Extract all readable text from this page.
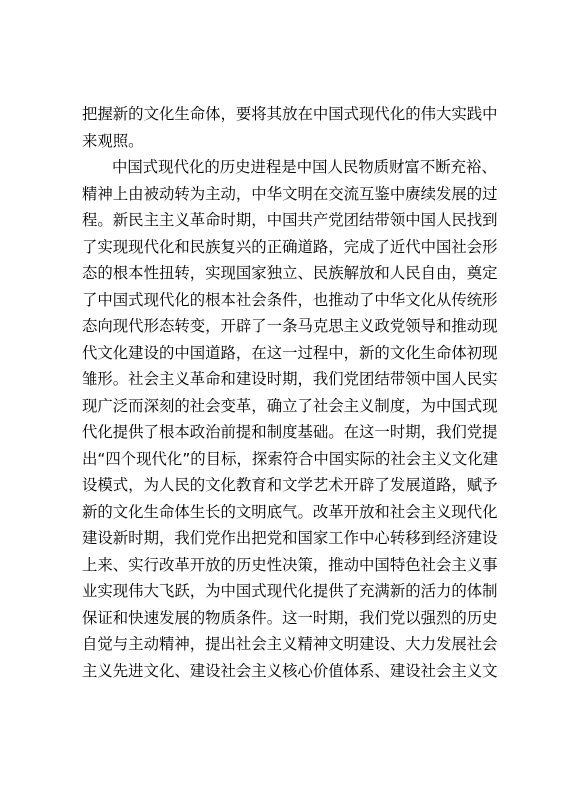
把握新的文化生命体，要将其放在中国式现代化的伟大实践中
来观照。
中国式现代化的历史进程是中国人民物质财富不断充裕、
精神上由被动转为主动，中华文明在交流互鉴中赓续发展的过
程。新民主主义革命时期，中国共产党团结带领中国人民找到
了实现现代化和民族复兴的正确道路，完成了近代中国社会形
态的根本性扭转，实现国家独立、民族解放和人民自由，奠定
了中国式现代化的根本社会条件，也推动了中华文化从传统形
态向现代形态转变，开辟了一条马克思主义政党领导和推动现
代文化建设的中国道路，在这一过程中，新的文化生命体初现
雏形。社会主义革命和建设时期，我们党团结带领中国人民实
现广泛而深刻的社会变革，确立了社会主义制度，为中国式现
代化提供了根本政治前提和制度基础。在这一时期，我们党提
出“四个现代化”的目标，探索符合中国实际的社会主义文化建
设模式，为人民的文化教育和文学艺术开辟了发展道路，赋予
新的文化生命体生长的文明底气。改革开放和社会主义现代化
建设新时期，我们党作出把党和国家工作中心转移到经济建设
上来、实行改革开放的历史性决策，推动中国特色社会主义事
业实现伟大飞跃，为中国式现代化提供了充满新的活力的体制
保证和快速发展的物质条件。这一时期，我们党以强烈的历史
自觉与主动精神，提出社会主义精神文明建设、大力发展社会
主义先进文化、建设社会主义核心价值体系、建设社会主义文
